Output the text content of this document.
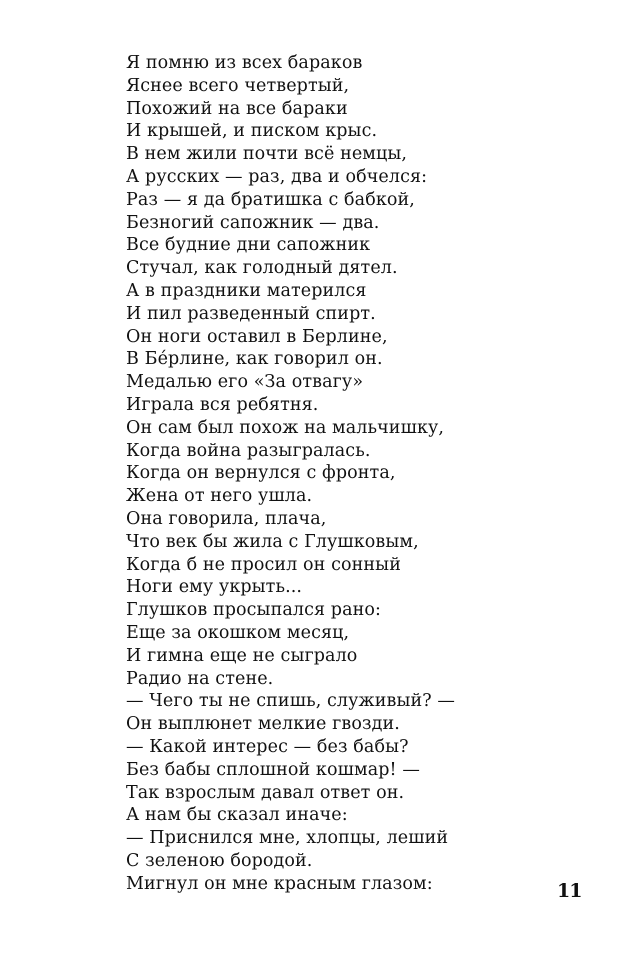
Я помню из всех бараков
Яснее всего четвертый,
Похожий на все бараки
И крышей, и писком крыс.
В нем жили почти всё немцы,
А русских — раз, два и обчелся:
Раз — я да братишка с бабкой,
Безногий сапожник — два.
Все будние дни сапожник
Стучал, как голодный дятел.
А в праздники матерился
И пил разведенный спирт.
Он ноги оставил в Берлине,
В Бе́рлине, как говорил он.
Медалью его «За отвагу»
Играла вся ребятня.
Он сам был похож на мальчишку,
Когда война разыгралась.
Когда он вернулся с фронта,
Жена от него ушла.
Она говорила, плача,
Что век бы жила с Глушковым,
Когда б не просил он сонный
Ноги ему укрыть...
Глушков просыпался рано:
Еще за окошком месяц,
И гимна еще не сыграло
Радио на стене.
— Чего ты не спишь, служивый? —
Он выплюнет мелкие гвозди.
— Какой интерес — без бабы?
Без бабы сплошной кошмар! —
Так взрослым давал ответ он.
А нам бы сказал иначе:
— Приснился мне, хлопцы, леший
С зеленою бородой.
Мигнул он мне красным глазом:	11
